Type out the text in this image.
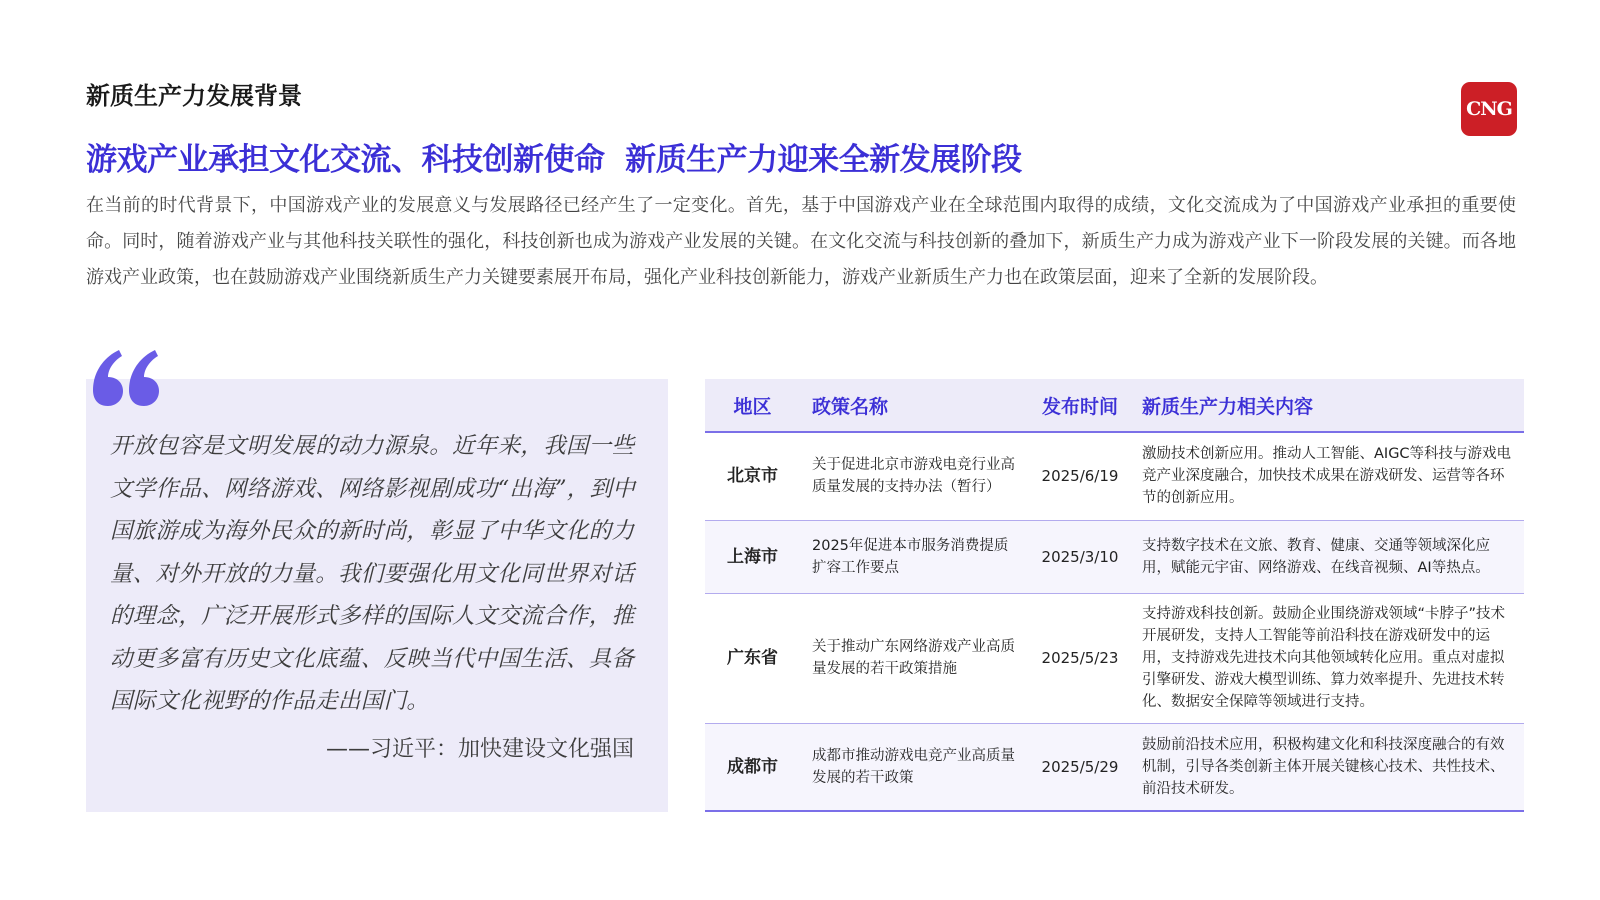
新质生产力发展背景	CNG
游戏产业承担文化交流、科技创新使命  新质生产力迎来全新发展阶段
在当前的时代背景下，中国游戏产业的发展意义与发展路径已经产生了一定变化。首先，基于中国游戏产业在全球范围内取得的成绩，文化交流成为了中国游戏产业承担的重要使命。同时，随着游戏产业与其他科技关联性的强化，科技创新也成为游戏产业发展的关键。在文化交流与科技创新的叠加下，新质生产力成为游戏产业下一阶段发展的关键。而各地游戏产业政策，也在鼓励游戏产业围绕新质生产力关键要素展开布局，强化产业科技创新能力，游戏产业新质生产力也在政策层面，迎来了全新的发展阶段。
开放包容是文明发展的动力源泉。近年来，我国一些文学作品、网络游戏、网络影视剧成功“出海”，到中国旅游成为海外民众的新时尚，彰显了中华文化的力量、对外开放的力量。我们要强化用文化同世界对话的理念，广泛开展形式多样的国际人文交流合作，推动更多富有历史文化底蕴、反映当代中国生活、具备国际文化视野的作品走出国门。
——习近平：加快建设文化强国
地区	政策名称	发布时间	新质生产力相关内容
北京市	关于促进北京市游戏电竞行业高质量发展的支持办法（暂行）	2025/6/19	激励技术创新应用。推动人工智能、AIGC等科技与游戏电竞产业深度融合，加快技术成果在游戏研发、运营等各环节的创新应用。
上海市	2025年促进本市服务消费提质扩容工作要点	2025/3/10	支持数字技术在文旅、教育、健康、交通等领域深化应用，赋能元宇宙、网络游戏、在线音视频、AI等热点。
广东省	关于推动广东网络游戏产业高质量发展的若干政策措施	2025/5/23	支持游戏科技创新。鼓励企业围绕游戏领域“卡脖子”技术开展研发，支持人工智能等前沿科技在游戏研发中的运用，支持游戏先进技术向其他领域转化应用。重点对虚拟引擎研发、游戏大模型训练、算力效率提升、先进技术转化、数据安全保障等领域进行支持。
成都市	成都市推动游戏电竞产业高质量发展的若干政策	2025/5/29	鼓励前沿技术应用，积极构建文化和科技深度融合的有效机制，引导各类创新主体开展关键核心技术、共性技术、前沿技术研发。
